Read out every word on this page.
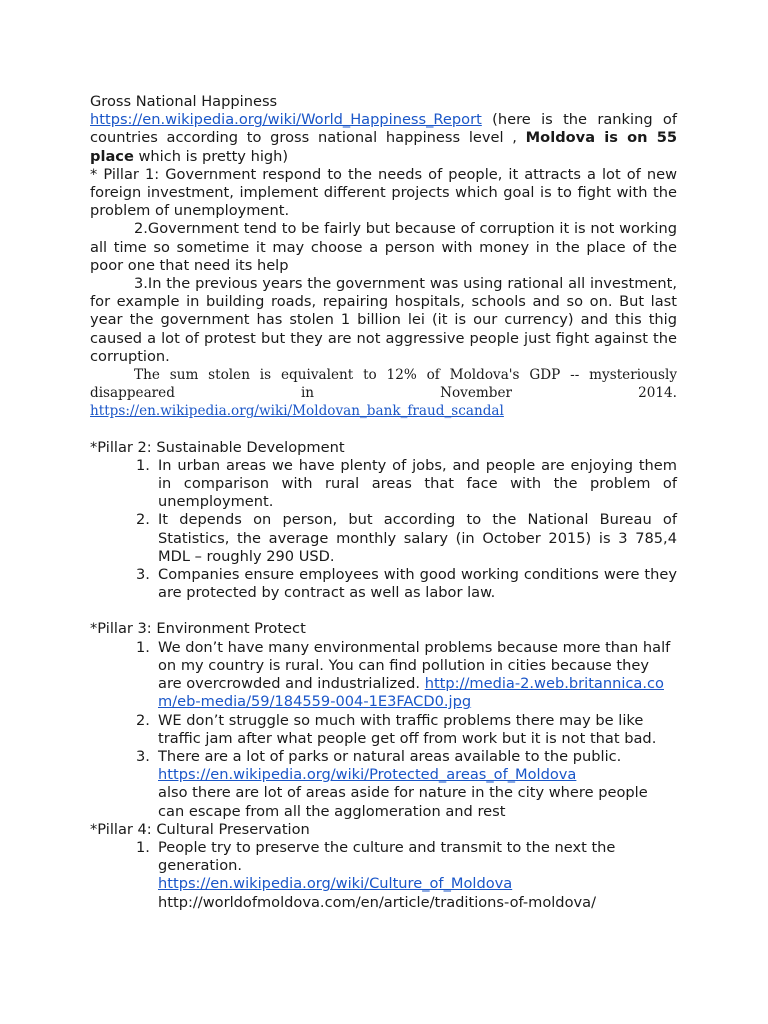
Gross National Happiness

https://en.wikipedia.org/wiki/World_Happiness_Report (here is the ranking of countries according to gross national happiness level , Moldova is on 55 place which is pretty high)

* Pillar 1: Government respond to the needs of people, it attracts a lot of new foreign investment, implement different projects which goal is to fight with the problem of unemployment.

2.Government tend to be fairly but because of corruption it is not working all time so sometime it may choose a person with money in the place of the poor one that need its help

3.In the previous years the government was using rational all investment, for example in building roads, repairing hospitals, schools and so on. But last year the government has stolen 1 billion lei (it is our currency) and this thig caused a lot of protest but they are not aggressive people just fight against the corruption.

The sum stolen is equivalent to 12% of Moldova's GDP -- mysteriously disappeared in November 2014.

https://en.wikipedia.org/wiki/Moldovan_bank_fraud_scandal

*Pillar 2: Sustainable Development

1. In urban areas we have plenty of jobs, and people are enjoying them in comparison with rural areas that face with the problem of unemployment.
2. It depends on person, but according to the National Bureau of Statistics, the average monthly salary (in October 2015) is 3 785,4 MDL – roughly 290 USD.
3. Companies ensure employees with good working conditions were they are protected by contract as well as labor law.

*Pillar 3: Environment Protect

1. We don’t have many environmental problems because more than half on my country is rural. You can find pollution in cities because they are overcrowded and industrialized. http://media-2.web.britannica.com/eb-media/59/184559-004-1E3FACD0.jpg
2. WE don’t struggle so much with traffic problems there may be like traffic jam after what people get off from work but it is not that bad.
3. There are a lot of parks or natural areas available to the public.
https://en.wikipedia.org/wiki/Protected_areas_of_Moldova
also there are lot of areas aside for nature in the city where people can escape from all the agglomeration and rest

*Pillar 4: Cultural Preservation

1. People try to preserve the culture and transmit to the next the generation.
https://en.wikipedia.org/wiki/Culture_of_Moldova
http://worldofmoldova.com/en/article/traditions-of-moldova/
